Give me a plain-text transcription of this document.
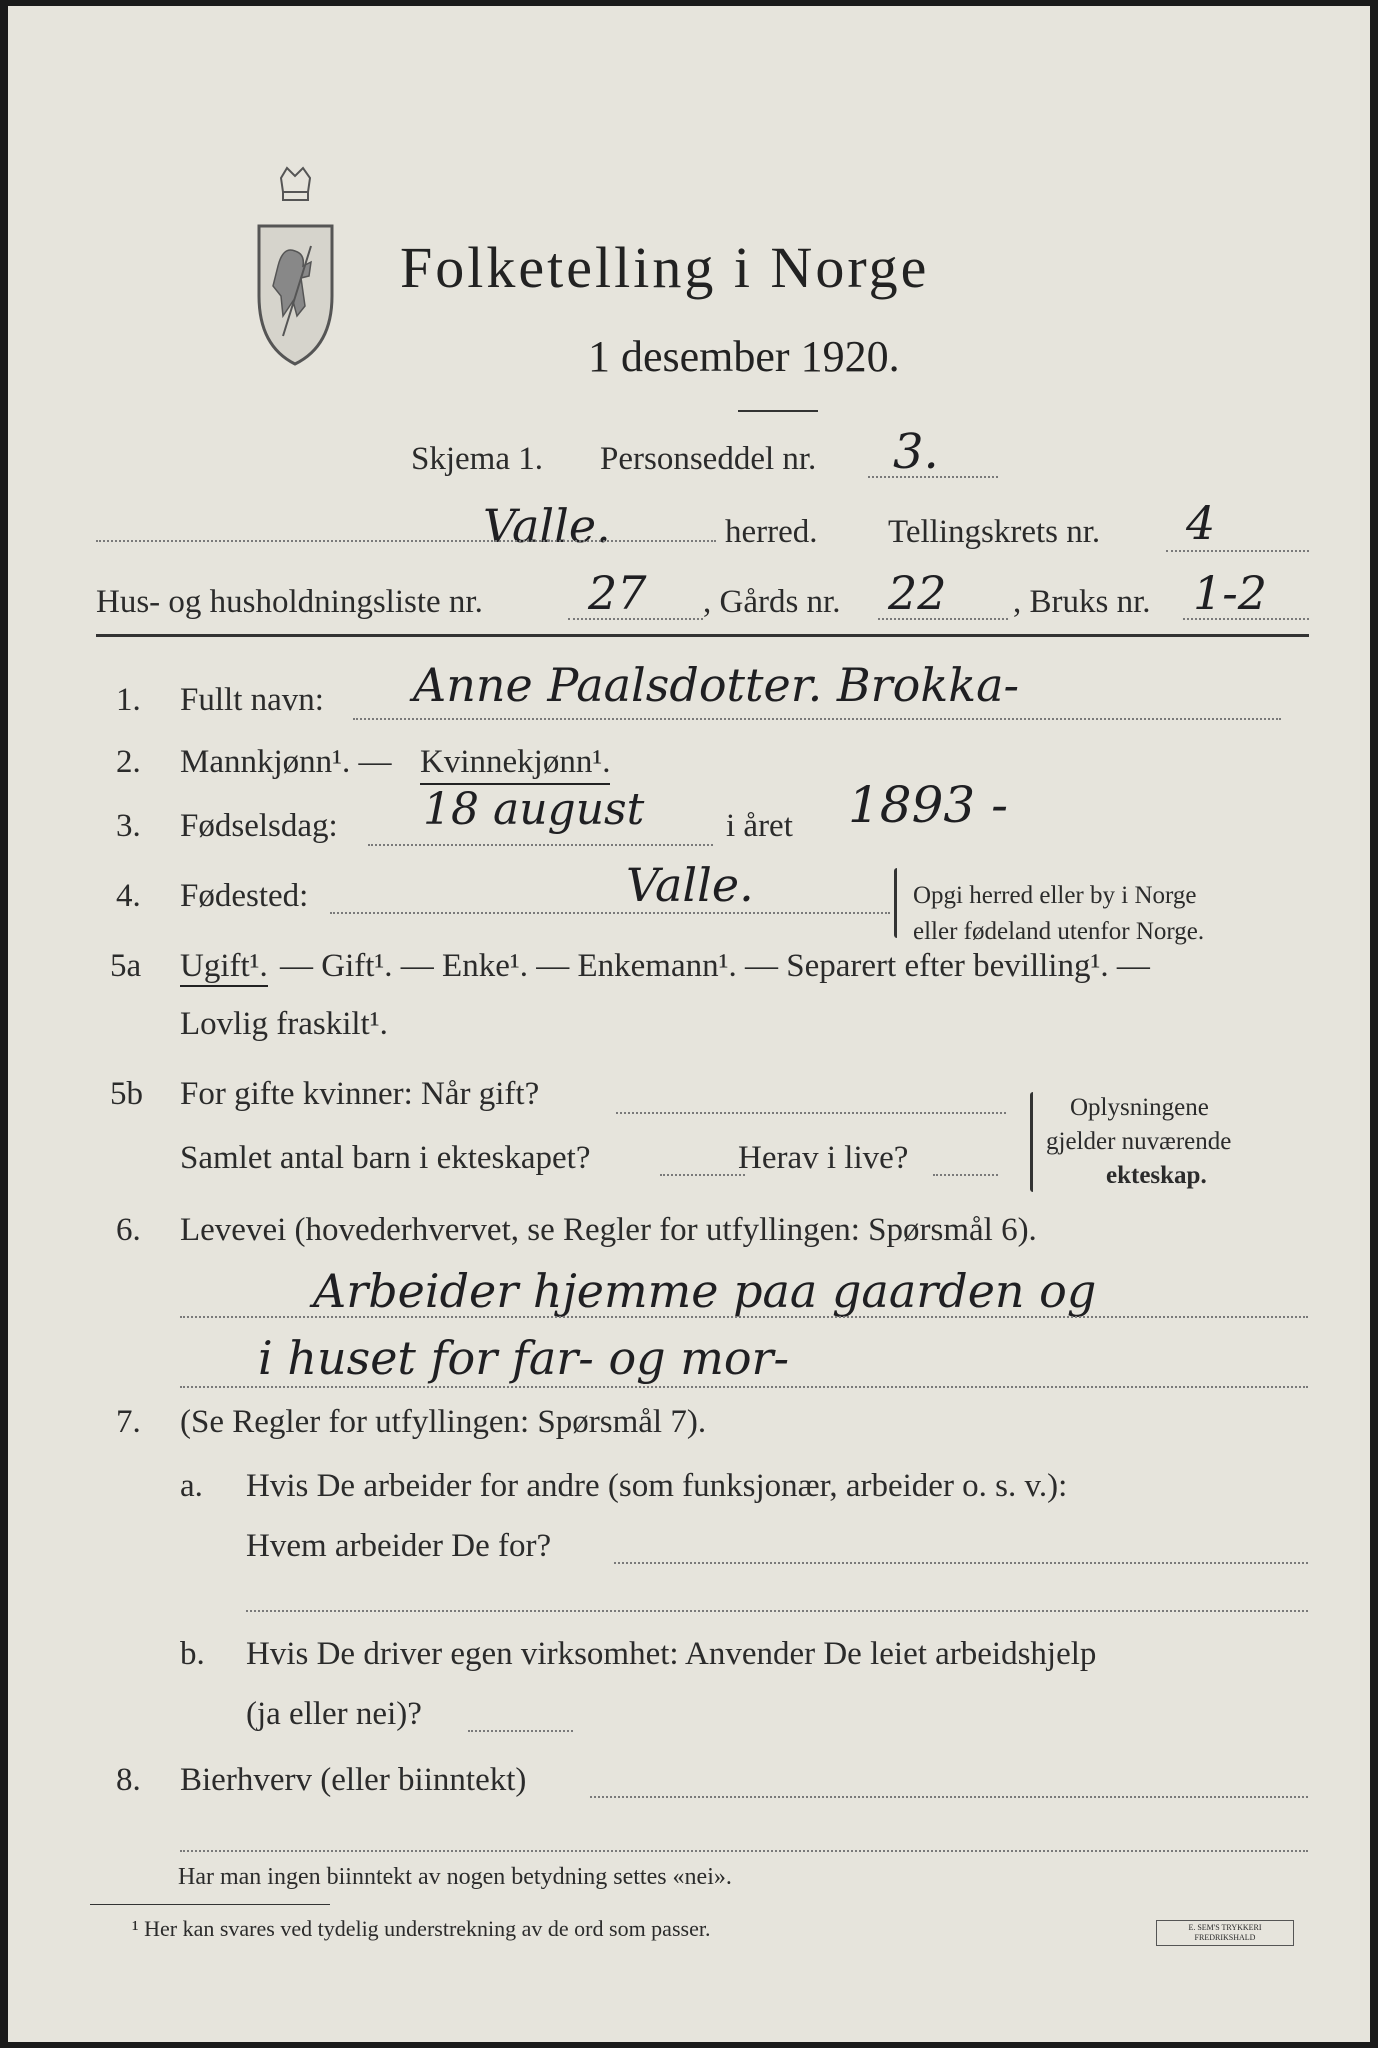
Folketelling i Norge
1 desember 1920.
Skjema 1. Personseddel nr. 3.
Valle.	herred. Tellingskrets nr. 4
Hus- og husholdningsliste nr. 27 , Gårds nr. 22 , Bruks nr. 1-2
1. Fullt navn: Anne Paalsdotter. Brokka-
2. Mannkjønn¹. — Kvinnekjønn¹.
3. Fødselsdag: 18 august i året 1893 -
4. Fødested:	Valle.	Opgi herred eller by i Norge
eller fødeland utenfor Norge.
5a Ugift¹. — Gift¹. — Enke¹. — Enkemann¹. — Separert efter bevilling¹. —
Lovlig fraskilt¹.
5b For gifte kvinner: Når gift?
Samlet antal barn i ekteskapet?	Herav i live?
Oplysningene
gjelder nuværende
ekteskap.
6. Levevei (hovederhvervet, se Regler for utfyllingen: Spørsmål 6).
Arbeider hjemme paa gaarden og
i huset for far- og mor-
7. (Se Regler for utfyllingen: Spørsmål 7).
a. Hvis De arbeider for andre (som funksjonær, arbeider o. s. v.):
Hvem arbeider De for?
b. Hvis De driver egen virksomhet: Anvender De leiet arbeidshjelp
(ja eller nei)?
8. Bierhverv (eller biinntekt)
Har man ingen biinntekt av nogen betydning settes «nei».
¹ Her kan svares ved tydelig understrekning av de ord som passer.	E. SEM'S TRYKKERI FREDRIKSHALD
